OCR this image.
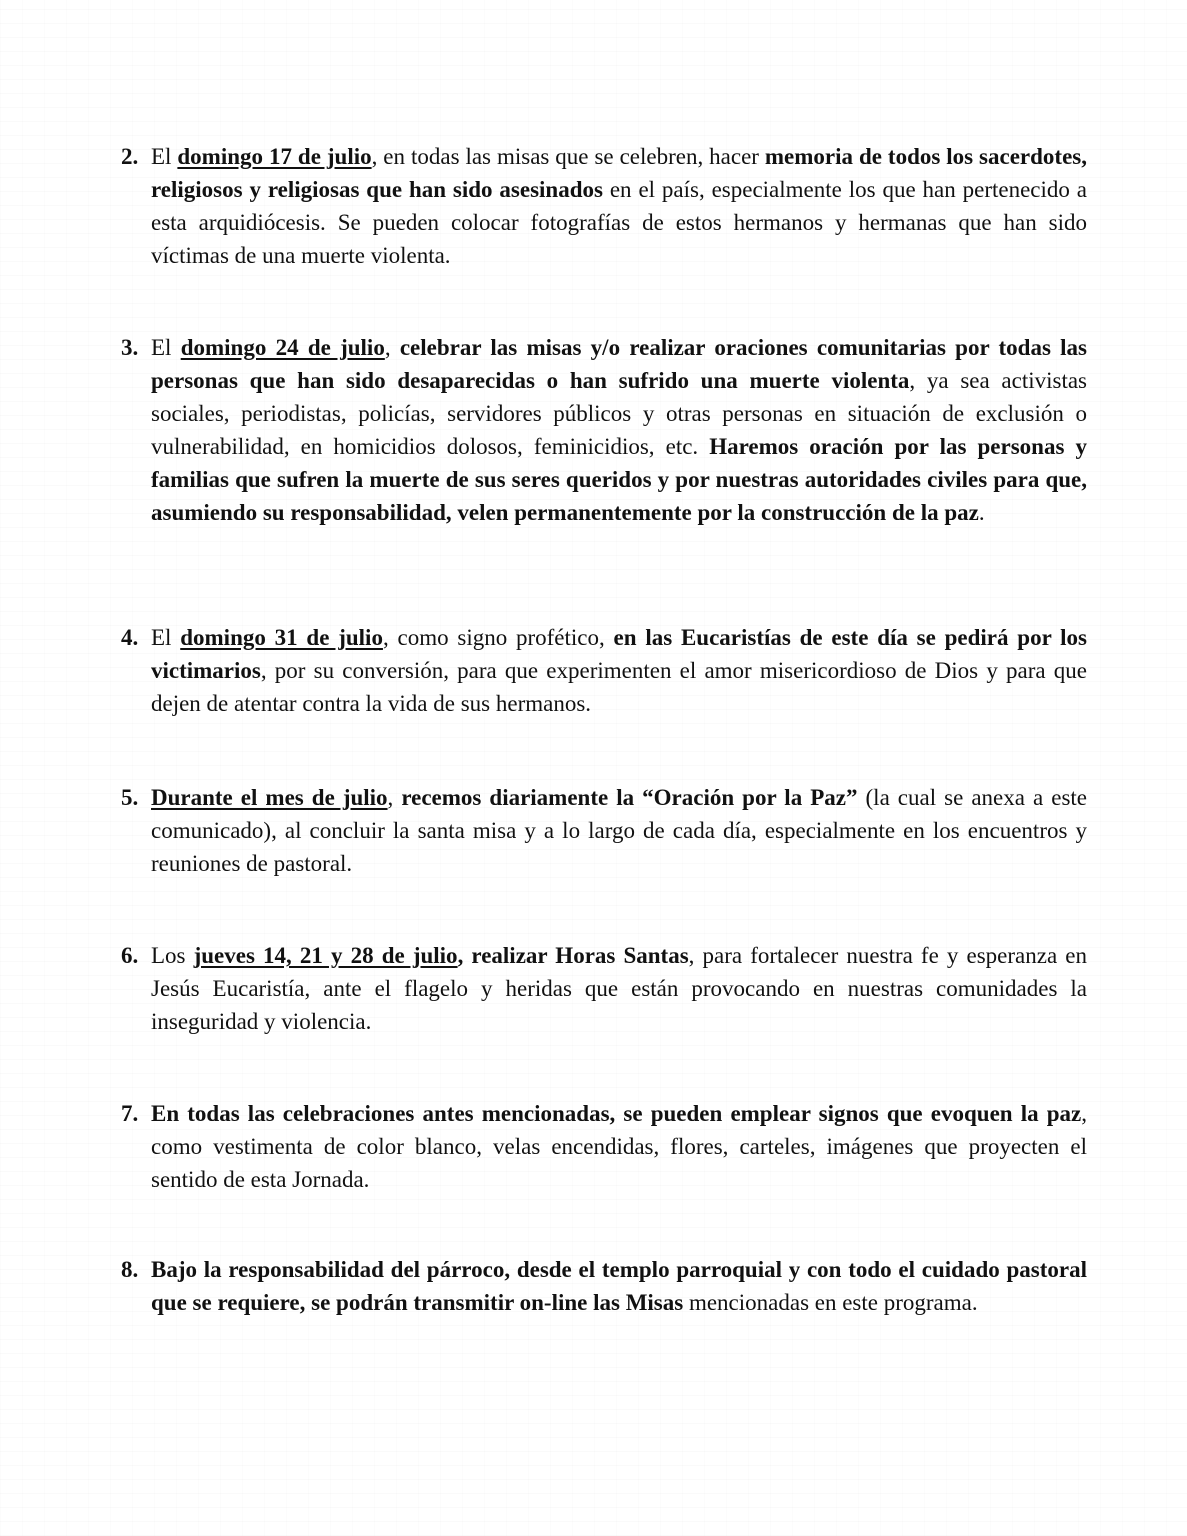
2. El domingo 17 de julio, en todas las misas que se celebren, hacer memoria de todos los sacerdotes, religiosos y religiosas que han sido asesinados en el país, especialmente los que han pertenecido a esta arquidiócesis. Se pueden colocar fotografías de estos hermanos y hermanas que han sido víctimas de una muerte violenta.
3. El domingo 24 de julio, celebrar las misas y/o realizar oraciones comunitarias por todas las personas que han sido desaparecidas o han sufrido una muerte violenta, ya sea activistas sociales, periodistas, policías, servidores públicos y otras personas en situación de exclusión o vulnerabilidad, en homicidios dolosos, feminicidios, etc. Haremos oración por las personas y familias que sufren la muerte de sus seres queridos y por nuestras autoridades civiles para que, asumiendo su responsabilidad, velen permanentemente por la construcción de la paz.
4. El domingo 31 de julio, como signo profético, en las Eucaristías de este día se pedirá por los victimarios, por su conversión, para que experimenten el amor misericordioso de Dios y para que dejen de atentar contra la vida de sus hermanos.
5. Durante el mes de julio, recemos diariamente la “Oración por la Paz” (la cual se anexa a este comunicado), al concluir la santa misa y a lo largo de cada día, especialmente en los encuentros y reuniones de pastoral.
6. Los jueves 14, 21 y 28 de julio, realizar Horas Santas, para fortalecer nuestra fe y esperanza en Jesús Eucaristía, ante el flagelo y heridas que están provocando en nuestras comunidades la inseguridad y violencia.
7. En todas las celebraciones antes mencionadas, se pueden emplear signos que evoquen la paz, como vestimenta de color blanco, velas encendidas, flores, carteles, imágenes que proyecten el sentido de esta Jornada.
8. Bajo la responsabilidad del párroco, desde el templo parroquial y con todo el cuidado pastoral que se requiere, se podrán transmitir on-line las Misas mencionadas en este programa.
